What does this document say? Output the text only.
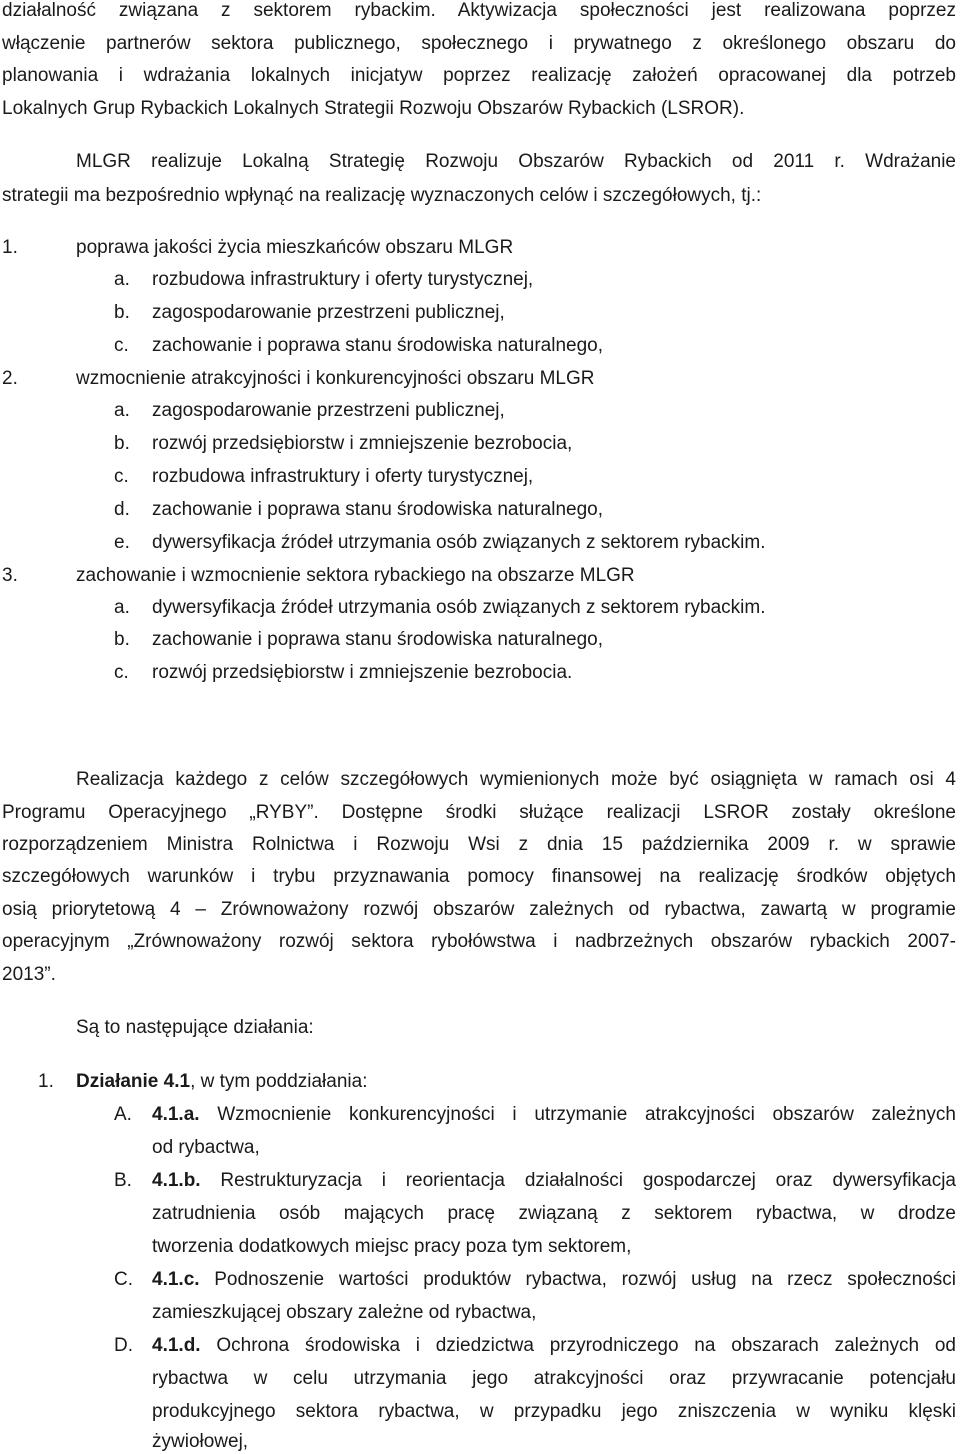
działalność związana z sektorem rybackim. Aktywizacja społeczności jest realizowana poprzez
włączenie partnerów sektora publicznego, społecznego i prywatnego z określonego obszaru do
planowania i wdrażania lokalnych inicjatyw poprzez realizację założeń opracowanej dla potrzeb
Lokalnych Grup Rybackich Lokalnych Strategii Rozwoju Obszarów Rybackich (LSROR).
MLGR realizuje Lokalną Strategię Rozwoju Obszarów Rybackich od 2011 r. Wdrażanie
strategii ma bezpośrednio wpłynąć na realizację wyznaczonych celów i szczegółowych, tj.:
1.	poprawa jakości życia mieszkańców obszaru MLGR
a. rozbudowa infrastruktury i oferty turystycznej,
b. zagospodarowanie przestrzeni publicznej,
c. zachowanie i poprawa stanu środowiska naturalnego,
2.	wzmocnienie atrakcyjności i konkurencyjności obszaru MLGR
a. zagospodarowanie przestrzeni publicznej,
b. rozwój przedsiębiorstw i zmniejszenie bezrobocia,
c. rozbudowa infrastruktury i oferty turystycznej,
d. zachowanie i poprawa stanu środowiska naturalnego,
e. dywersyfikacja źródeł utrzymania osób związanych z sektorem rybackim.
3.	zachowanie i wzmocnienie sektora rybackiego na obszarze MLGR
a. dywersyfikacja źródeł utrzymania osób związanych z sektorem rybackim.
b. zachowanie i poprawa stanu środowiska naturalnego,
c. rozwój przedsiębiorstw i zmniejszenie bezrobocia.
Realizacja każdego z celów szczegółowych wymienionych może być osiągnięta w ramach osi 4
Programu Operacyjnego „RYBY”. Dostępne środki służące realizacji LSROR zostały określone
rozporządzeniem Ministra Rolnictwa i Rozwoju Wsi z dnia 15 października 2009 r. w sprawie
szczegółowych warunków i trybu przyznawania pomocy finansowej na realizację środków objętych
osią priorytetową 4 – Zrównoważony rozwój obszarów zależnych od rybactwa, zawartą w programie
operacyjnym „Zrównoważony rozwój sektora rybołówstwa i nadbrzeżnych obszarów rybackich 2007-
2013”.
Są to następujące działania:
1. Działanie 4.1, w tym poddziałania:
A. 4.1.a. Wzmocnienie konkurencyjności i utrzymanie atrakcyjności obszarów zależnych
od rybactwa,
B. 4.1.b. Restrukturyzacja i reorientacja działalności gospodarczej oraz dywersyfikacja
zatrudnienia osób mających pracę związaną z sektorem rybactwa, w drodze
tworzenia dodatkowych miejsc pracy poza tym sektorem,
C. 4.1.c. Podnoszenie wartości produktów rybactwa, rozwój usług na rzecz społeczności
zamieszkującej obszary zależne od rybactwa,
D. 4.1.d. Ochrona środowiska i dziedzictwa przyrodniczego na obszarach zależnych od
rybactwa w celu utrzymania jego atrakcyjności oraz przywracanie potencjału
produkcyjnego sektora rybactwa, w przypadku jego zniszczenia w wyniku klęski
żywiołowej,
